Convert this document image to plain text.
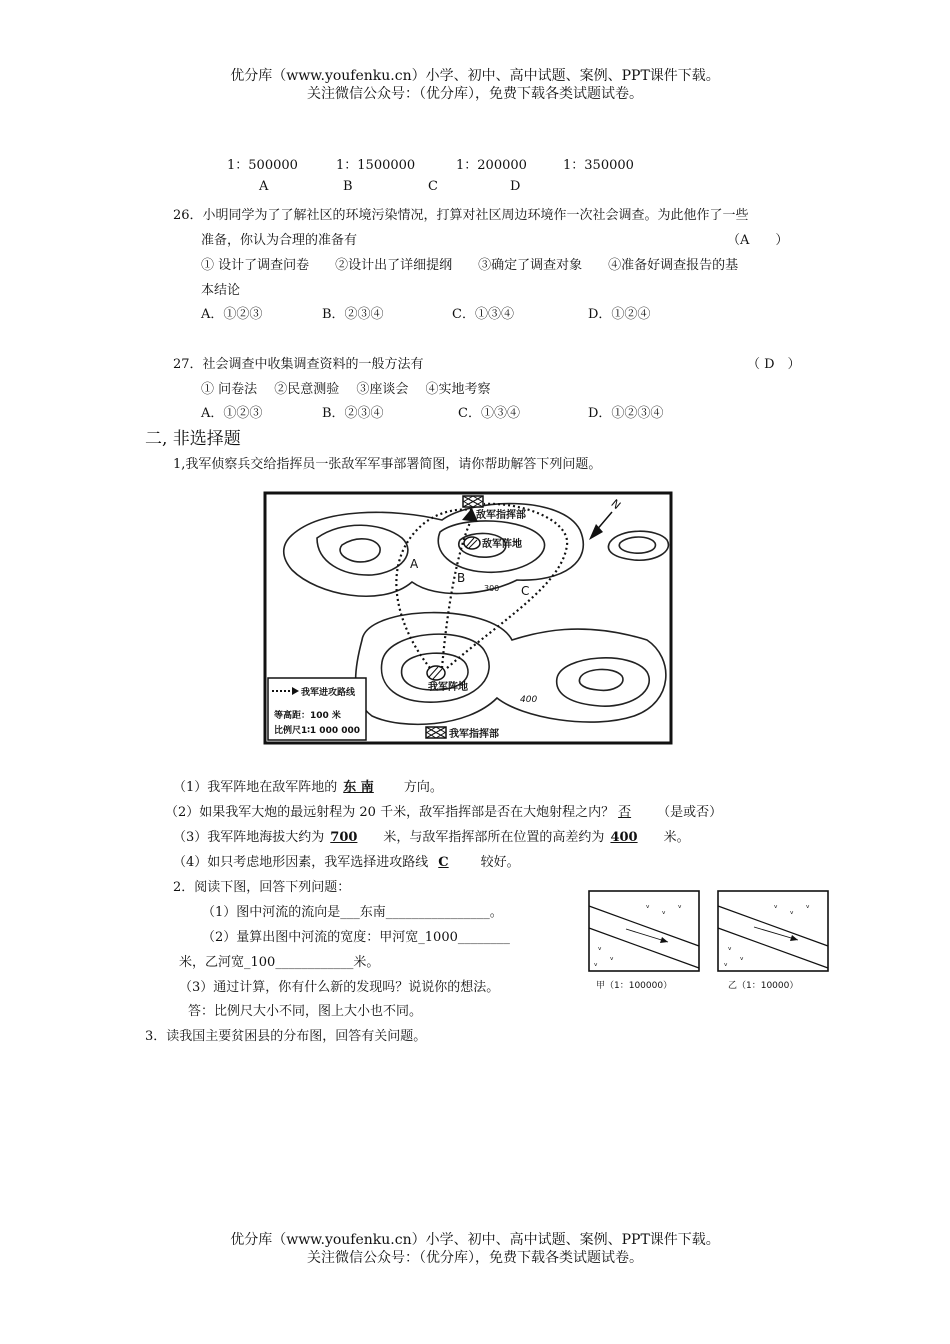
优分库（www.youfenku.cn）小学、初中、高中试题、案例、PPT课件下载。
关注微信公众号：（优分库），免费下载各类试题试卷。
1：500000	1：1500000	1：200000	1：350000
A	B	C	D
26．小明同学为了了解社区的环境污染情况，打算对社区周边环境作一次社会调查。为此他作了一些
准备，你认为合理的准备有	（A　　）
① 设计了调查问卷　　②设计出了详细提纲　　③确定了调查对象　　④准备好调查报告的基
本结论
A．①②③	B．②③④	C．①③④	D．①②④
27．社会调查中收集调查资料的一般方法有	（ D　）
① 问卷法　 ②民意测验　 ③座谈会　 ④实地考察
A．①②③	B．②③④	C．①③④	D．①②③④
二, 非选择题
1,我军侦察兵交给指挥员一张敌军军事部署简图，请你帮助解答下列问题。
敌军指挥部
敌军阵地
我军阵地
A
B
C
300
400
N
我军进攻路线
等高距：100 米
比例尺1∶1 000 000	我军指挥部
（1）我军阵地在敌军阵地的 东 南 方向。
（2）如果我军大炮的最远射程为 20 千米，敌军指挥部是否在大炮射程之内？ 否 （是或否）
（3）我军阵地海拔大约为 700 米，与敌军指挥部所在位置的高差约为 400 米。
（4）如只考虑地形因素，我军选择进攻路线 C 较好。
2．阅读下图，回答下列问题：
（1）图中河流的流向是___东南________________。
（2）量算出图中河流的宽度：甲河宽_1000________
米，乙河宽_100____________米。
（3）通过计算，你有什么新的发现吗？说说你的想法。
答：比例尺大小不同，图上大小也不同。
ᵥ
ᵥ
ᵥ
ᵥ
ᵥ
ᵥ
甲（1：100000）
ᵥ
ᵥ
ᵥ
ᵥ
ᵥ
ᵥ
乙（1：10000）
3．读我国主要贫困县的分布图，回答有关问题。
优分库（www.youfenku.cn）小学、初中、高中试题、案例、PPT课件下载。
关注微信公众号：（优分库），免费下载各类试题试卷。
